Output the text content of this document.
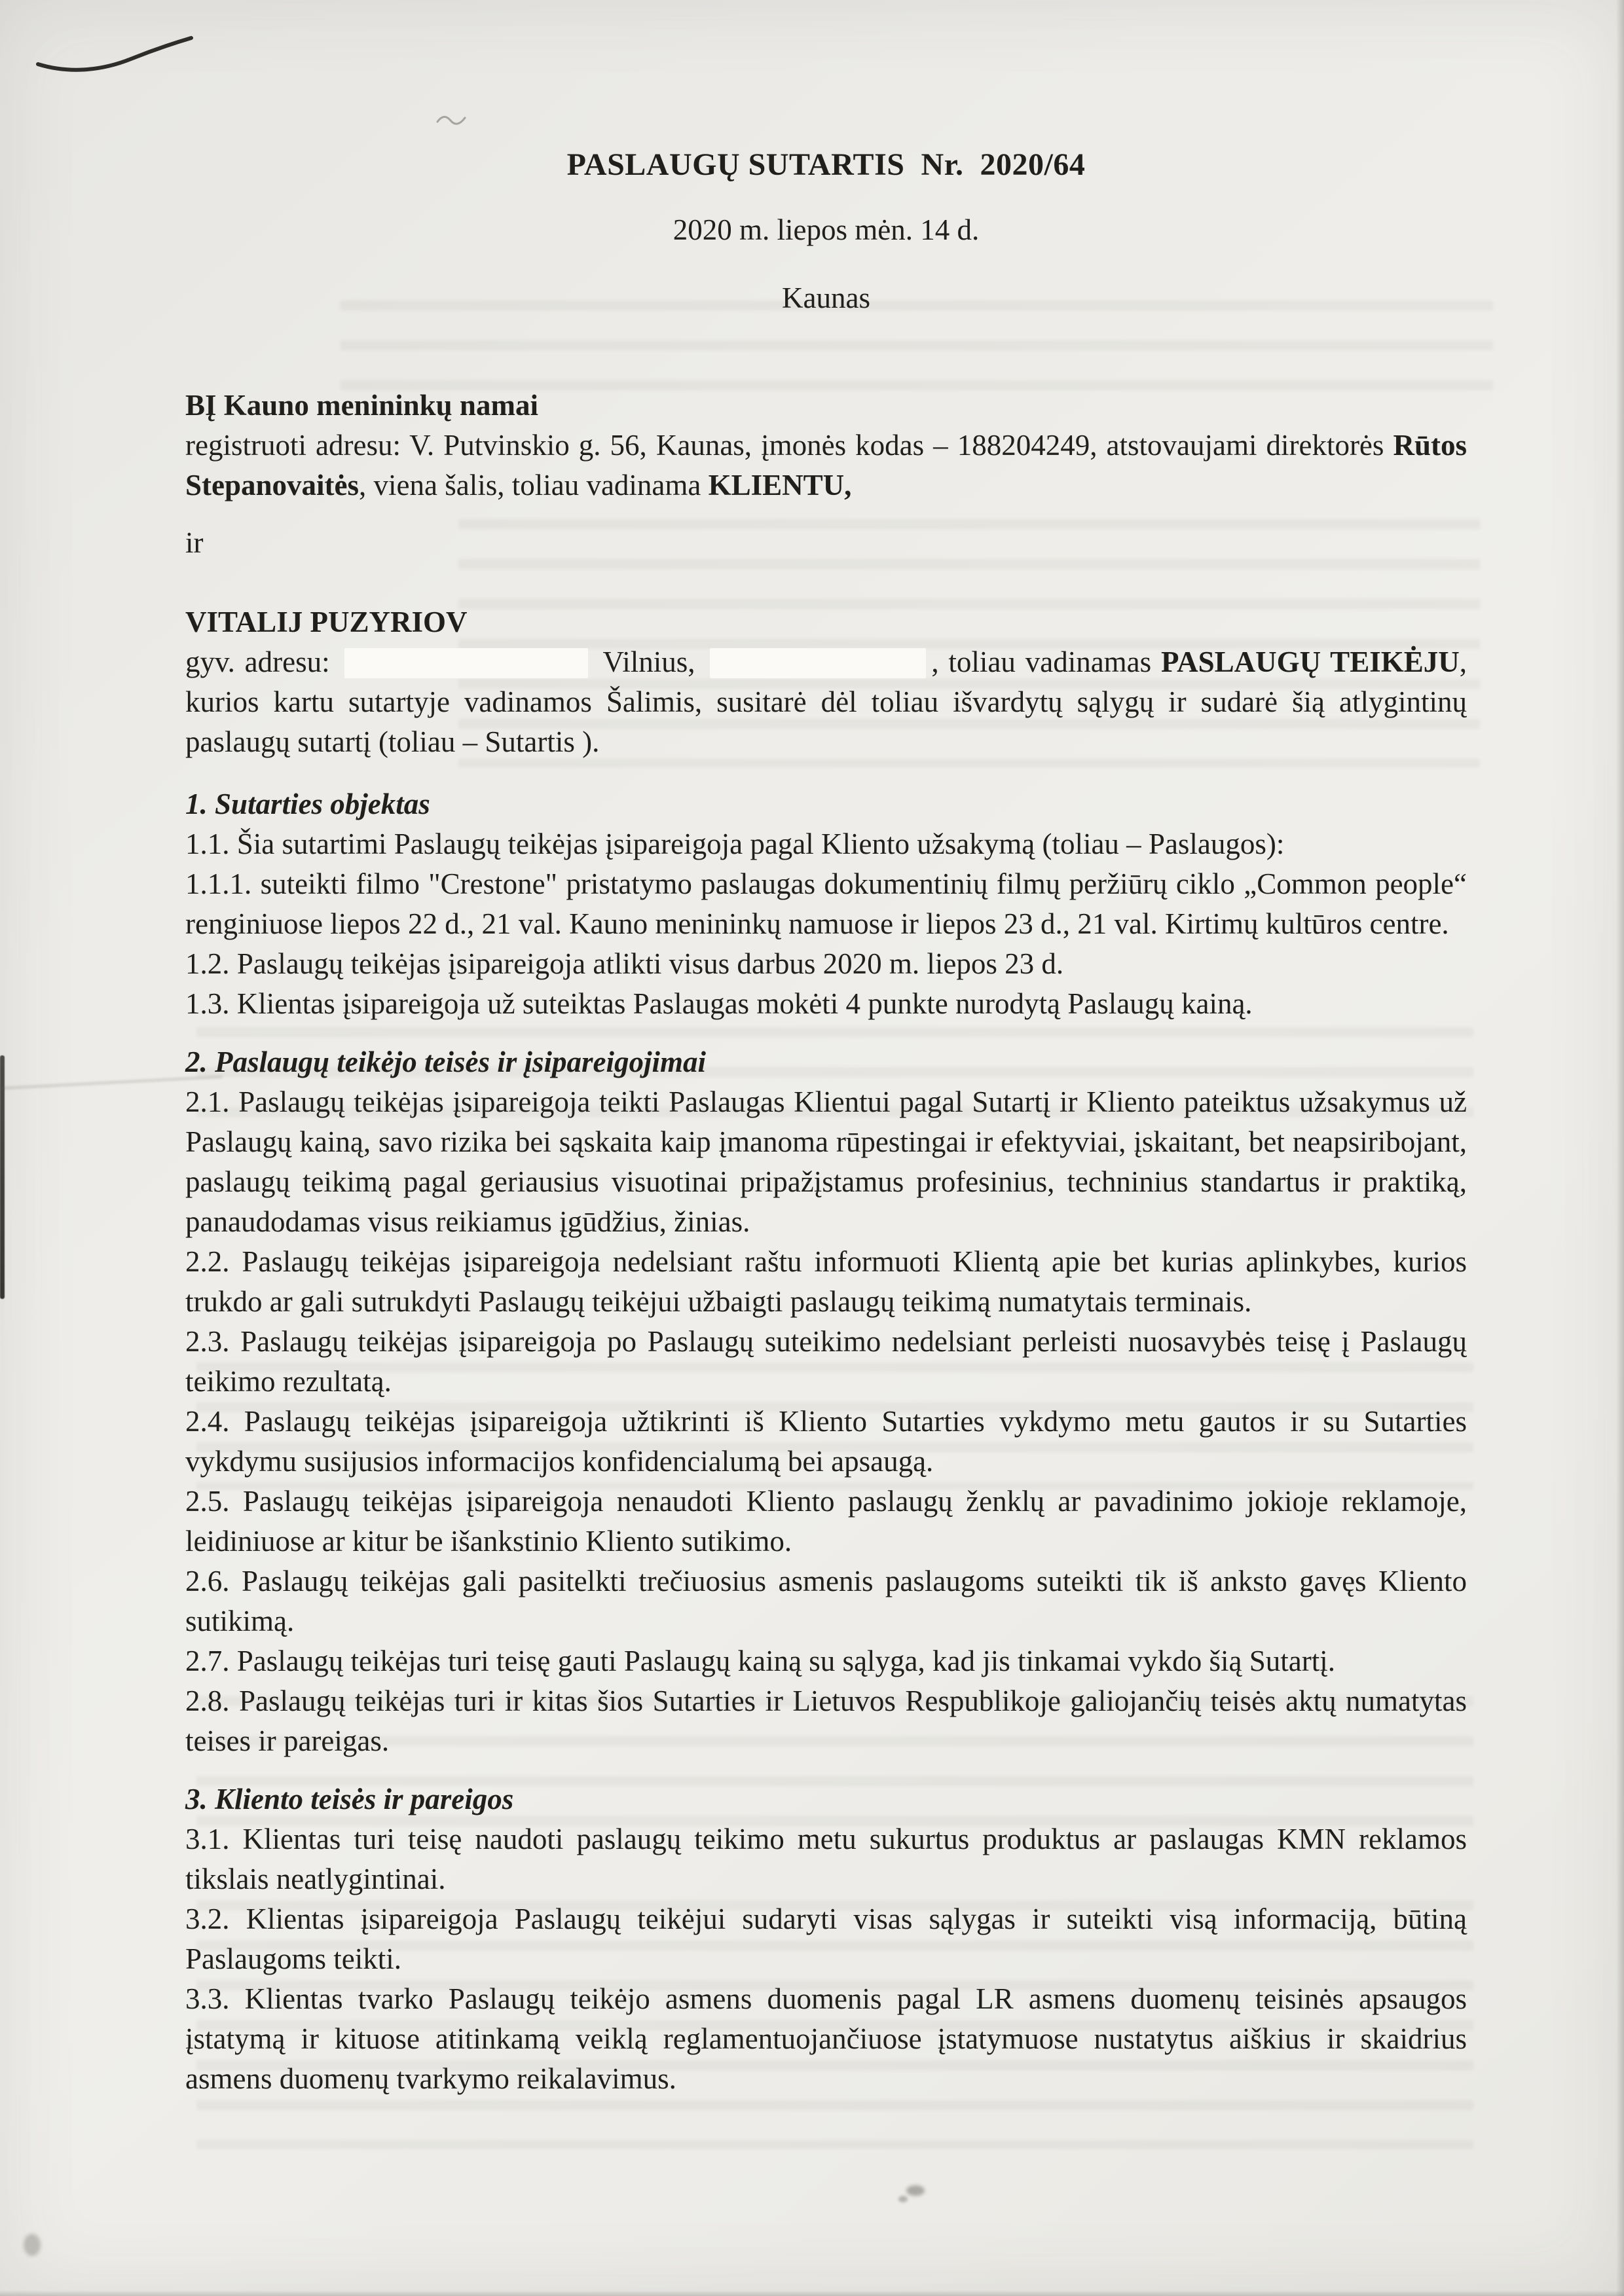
PASLAUGŲ SUTARTIS  Nr.  2020/64
2020 m. liepos mėn. 14 d.
Kaunas

BĮ Kauno menininkų namai

registruoti adresu: V. Putvinskio g. 56, Kaunas, įmonės kodas – 188204249, atstovaujami direktorės Rūtos Stepanovaitės, viena šalis, toliau vadinama KLIENTU,

ir

VITALIJ PUZYRIOV

gyv. adresu:	Vilnius,	, toliau vadinamas PASLAUGŲ TEIKĖJU, kurios kartu sutartyje vadinamos Šalimis, susitarė dėl toliau išvardytų sąlygų ir sudarė šią atlygintinų paslaugų sutartį (toliau – Sutartis ).

1. Sutarties objektas

1.1. Šia sutartimi Paslaugų teikėjas įsipareigoja pagal Kliento užsakymą (toliau – Paslaugos):

1.1.1. suteikti filmo "Crestone" pristatymo paslaugas dokumentinių filmų peržiūrų ciklo „Common people“ renginiuose liepos 22 d., 21 val. Kauno menininkų namuose ir liepos 23 d., 21 val. Kirtimų kultūros centre.

1.2. Paslaugų teikėjas įsipareigoja atlikti visus darbus 2020 m. liepos 23 d.

1.3. Klientas įsipareigoja už suteiktas Paslaugas mokėti 4 punkte nurodytą Paslaugų kainą.

2. Paslaugų teikėjo teisės ir įsipareigojimai

2.1. Paslaugų teikėjas įsipareigoja teikti Paslaugas Klientui pagal Sutartį ir Kliento pateiktus užsakymus už Paslaugų kainą, savo rizika bei sąskaita kaip įmanoma rūpestingai ir efektyviai, įskaitant, bet neapsiribojant, paslaugų teikimą pagal geriausius visuotinai pripažįstamus profesinius, techninius standartus ir praktiką, panaudodamas visus reikiamus įgūdžius, žinias.

2.2. Paslaugų teikėjas įsipareigoja nedelsiant raštu informuoti Klientą apie bet kurias aplinkybes, kurios trukdo ar gali sutrukdyti Paslaugų teikėjui užbaigti paslaugų teikimą numatytais terminais.

2.3. Paslaugų teikėjas įsipareigoja po Paslaugų suteikimo nedelsiant perleisti nuosavybės teisę į Paslaugų teikimo rezultatą.

2.4. Paslaugų teikėjas įsipareigoja užtikrinti iš Kliento Sutarties vykdymo metu gautos ir su Sutarties vykdymu susijusios informacijos konfidencialumą bei apsaugą.

2.5. Paslaugų teikėjas įsipareigoja nenaudoti Kliento paslaugų ženklų ar pavadinimo jokioje reklamoje, leidiniuose ar kitur be išankstinio Kliento sutikimo.

2.6. Paslaugų teikėjas gali pasitelkti trečiuosius asmenis paslaugoms suteikti tik iš anksto gavęs Kliento sutikimą.

2.7. Paslaugų teikėjas turi teisę gauti Paslaugų kainą su sąlyga, kad jis tinkamai vykdo šią Sutartį.

2.8. Paslaugų teikėjas turi ir kitas šios Sutarties ir Lietuvos Respublikoje galiojančių teisės aktų numatytas teises ir pareigas.

3. Kliento teisės ir pareigos

3.1. Klientas turi teisę naudoti paslaugų teikimo metu sukurtus produktus ar paslaugas KMN reklamos tikslais neatlygintinai.

3.2. Klientas įsipareigoja Paslaugų teikėjui sudaryti visas sąlygas ir suteikti visą informaciją, būtiną Paslaugoms teikti.

3.3. Klientas tvarko Paslaugų teikėjo asmens duomenis pagal LR asmens duomenų teisinės apsaugos įstatymą ir kituose atitinkamą veiklą reglamentuojančiuose įstatymuose nustatytus aiškius ir skaidrius asmens duomenų tvarkymo reikalavimus.
